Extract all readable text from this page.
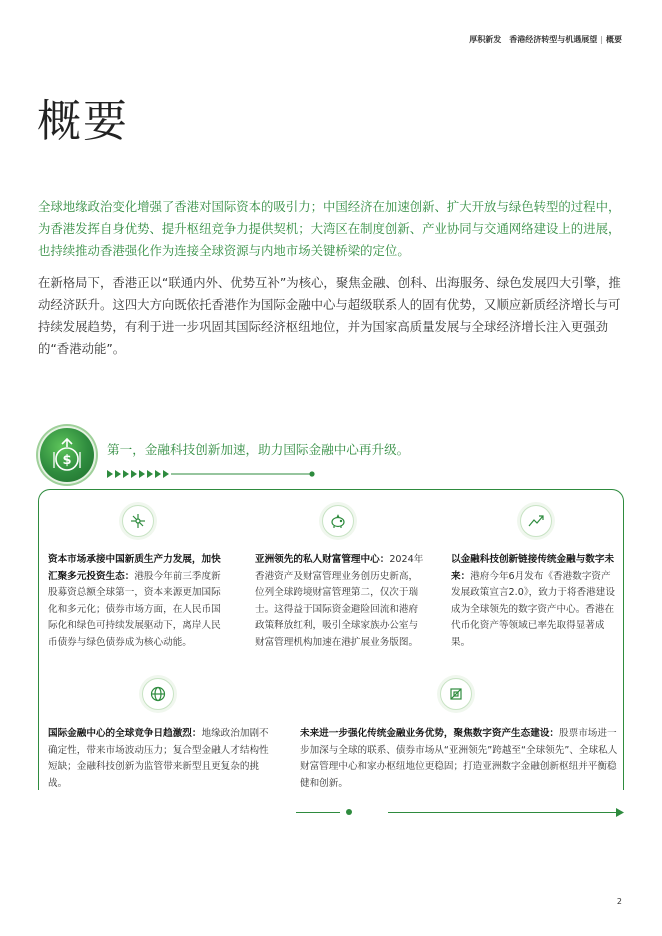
厚积新发　香港经济转型与机遇展望 | 概要
概要

全球地缘政治变化增强了香港对国际资本的吸引力；中国经济在加速创新、扩大开放与绿色转型的过程中，为香港发挥自身优势、提升枢纽竞争力提供契机；大湾区在制度创新、产业协同与交通网络建设上的进展，也持续推动香港强化作为连接全球资源与内地市场关键桥梁的定位。

在新格局下，香港正以“联通内外、优势互补”为核心，聚焦金融、创科、出海服务、绿色发展四大引擎，推动经济跃升。这四大方向既依托香港作为国际金融中心与超级联系人的固有优势，又顺应新质经济增长与可持续发展趋势，有利于进一步巩固其国际经济枢纽地位，并为国家高质量发展与全球经济增长注入更强劲的“香港动能”。

$
第一，金融科技创新加速，助力国际金融中心再升级。

资本市场承接中国新质生产力发展，加快汇聚多元投资生态：港股今年前三季度新股募资总额全球第一，资本来源更加国际化和多元化；债券市场方面，在人民币国际化和绿色可持续发展驱动下，离岸人民币债券与绿色债券成为核心动能。

亚洲领先的私人财富管理中心：2024年香港资产及财富管理业务创历史新高，位列全球跨境财富管理第二，仅次于瑞士。这得益于国际资金避险回流和港府政策释放红利，吸引全球家族办公室与财富管理机构加速在港扩展业务版图。

以金融科技创新链接传统金融与数字未来：港府今年6月发布《香港数字资产发展政策宣言2.0》，致力于将香港建设成为全球领先的数字资产中心。香港在代币化资产等领域已率先取得显著成果。

国际金融中心的全球竞争日趋激烈：地缘政治加剧不确定性，带来市场波动压力；复合型金融人才结构性短缺；金融科技创新为监管带来新型且更复杂的挑战。

未来进一步强化传统金融业务优势，聚焦数字资产生态建设：股票市场进一步加深与全球的联系、债券市场从“亚洲领先”跨越至“全球领先”、全球私人财富管理中心和家办枢纽地位更稳固；打造亚洲数字金融创新枢纽并平衡稳健和创新。

2
